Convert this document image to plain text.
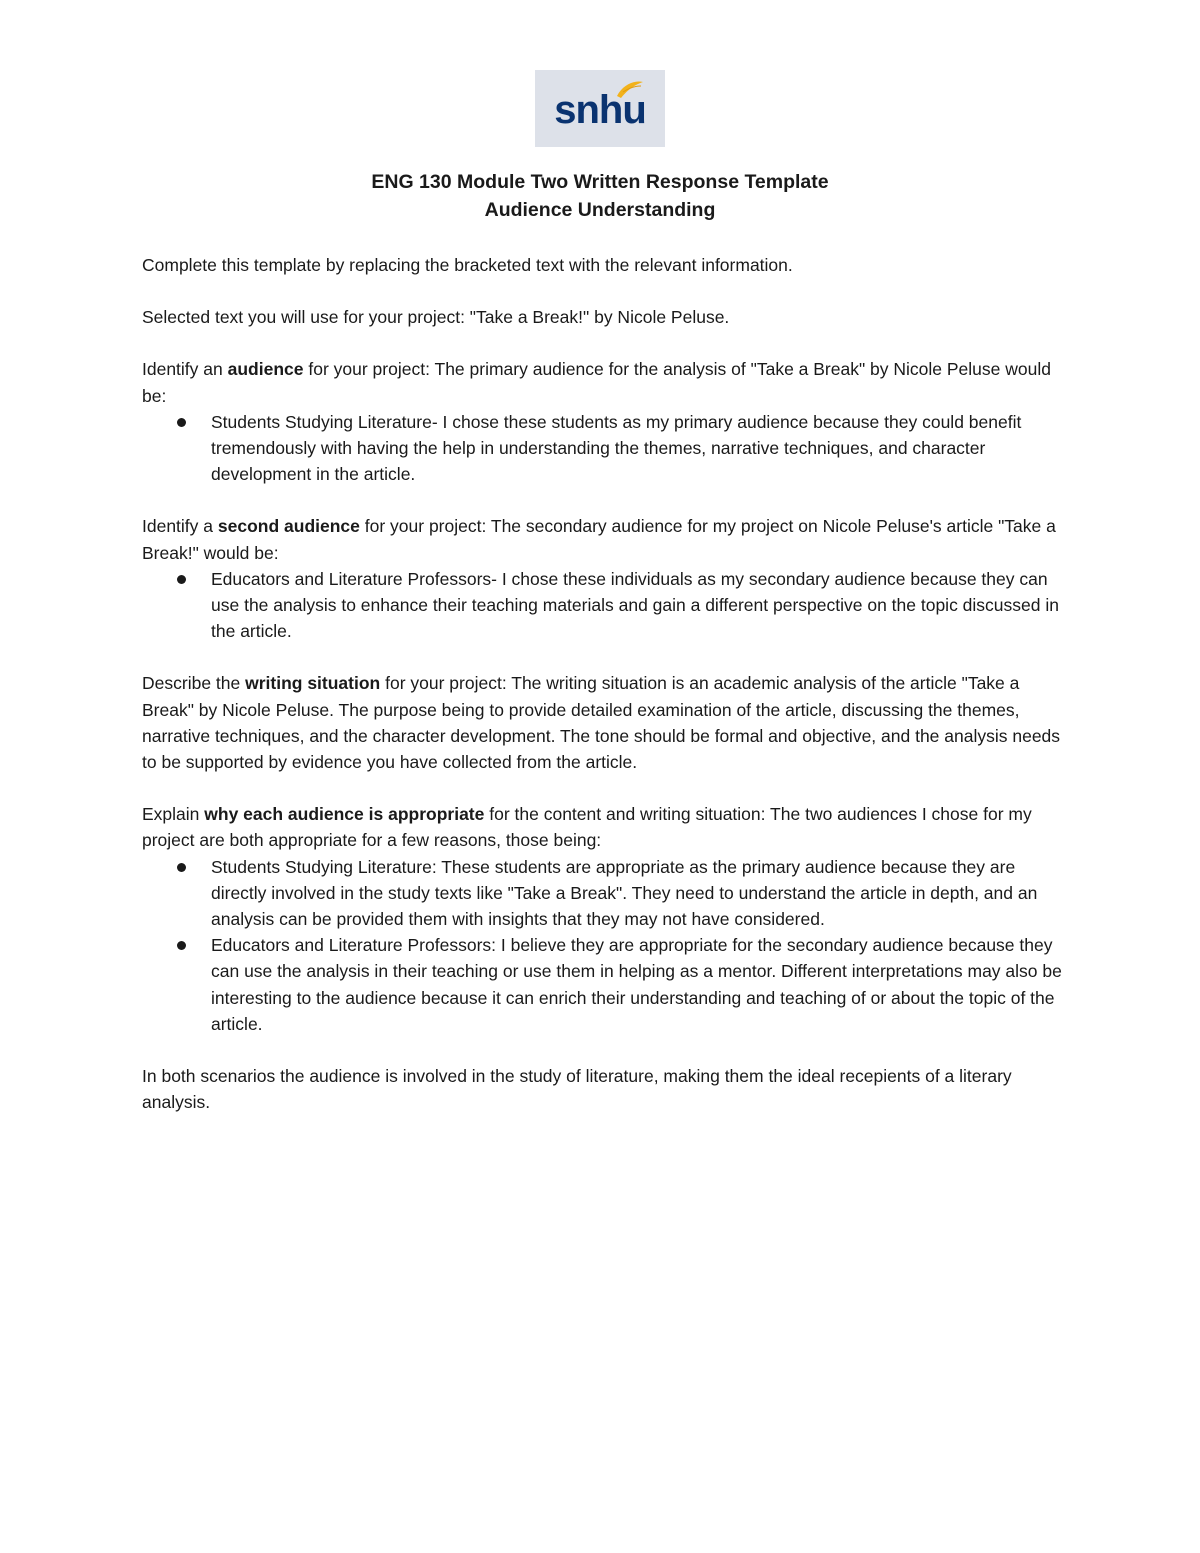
snhu
ENG 130 Module Two Written Response Template
Audience Understanding

Complete this template by replacing the bracketed text with the relevant information.

Selected text you will use for your project: "Take a Break!" by Nicole Peluse.

Identify an audience for your project: The primary audience for the analysis of "Take a Break" by Nicole Peluse would be:

Students Studying Literature- I chose these students as my primary audience because they could benefit tremendously with having the help in understanding the themes, narrative techniques, and character development in the article.

Identify a second audience for your project: The secondary audience for my project on Nicole Peluse's article "Take a Break!" would be:

Educators and Literature Professors- I chose these individuals as my secondary audience because they can use the analysis to enhance their teaching materials and gain a different perspective on the topic discussed in the article.

Describe the writing situation for your project: The writing situation is an academic analysis of the article "Take a Break" by Nicole Peluse. The purpose being to provide detailed examination of the article, discussing the themes, narrative techniques, and the character development. The tone should be formal and objective, and the analysis needs to be supported by evidence you have collected from the article.

Explain why each audience is appropriate for the content and writing situation: The two audiences I chose for my project are both appropriate for a few reasons, those being:

Students Studying Literature: These students are appropriate as the primary audience because they are directly involved in the study texts like "Take a Break". They need to understand the article in depth, and an analysis can be provided them with insights that they may not have considered.
Educators and Literature Professors: I believe they are appropriate for the secondary audience because they can use the analysis in their teaching or use them in helping as a mentor. Different interpretations may also be interesting to the audience because it can enrich their understanding and teaching of or about the topic of the article.

In both scenarios the audience is involved in the study of literature, making them the ideal recepients of a literary analysis.
